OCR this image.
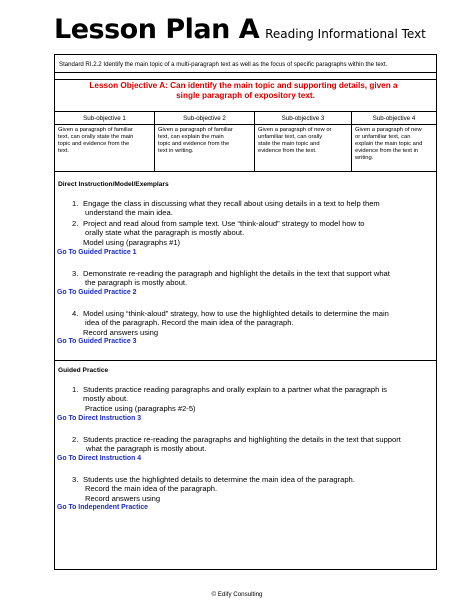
Lesson Plan A Reading Informational Text
Standard RI.2.2 Identify the main topic of a multi-paragraph text as well as the focus of specific paragraphs within the text.
Lesson Objective A: Can identify the main topic and supporting details, given a
single paragraph of expository text.
Sub-objective 1
Given a paragraph of familiar
text, can orally state the main
topic and evidence from the
text.
Sub-objective 2
Given a paragraph of familiar
text, can explain the main
topic and evidence from the
text in writing.
Sub-objective 3
Given a paragraph of new or
unfamiliar text, can orally
state the main topic and
evidence from the text.
Sub-objective 4
Given a paragraph of new
or unfamiliar text, can
explain the main topic and
evidence from the text in
writing.
Direct Instruction/Model/Exemplars
1. Engage the class in discussing what they recall about using details in a text to help them
understand the main idea.
2. Project and read aloud from sample text. Use “think-aloud” strategy to model how to
orally state what the paragraph is mostly about.
Model using (paragraphs #1)
Go To Guided Practice 1
3. Demonstrate re-reading the paragraph and highlight the details in the text that support what
the paragraph is mostly about.
Go To Guided Practice 2
4. Model using “think-aloud” strategy, how to use the highlighted details to determine the main
idea of the paragraph. Record the main idea of the paragraph.
Record answers using
Go To Guided Practice 3
Guided Practice
1. Students practice reading paragraphs and orally explain to a partner what the paragraph is
mostly about.
Practice using (paragraphs #2-5)
Go To Direct Instruction 3
2. Students practice re-reading the paragraphs and highlighting the details in the text that support
what the paragraph is mostly about.
Go To Direct Instruction 4
3. Students use the highlighted details to determine the main idea of the paragraph.
Record the main idea of the paragraph.
Record answers using
Go To Independent Practice
© Edify Consulting
